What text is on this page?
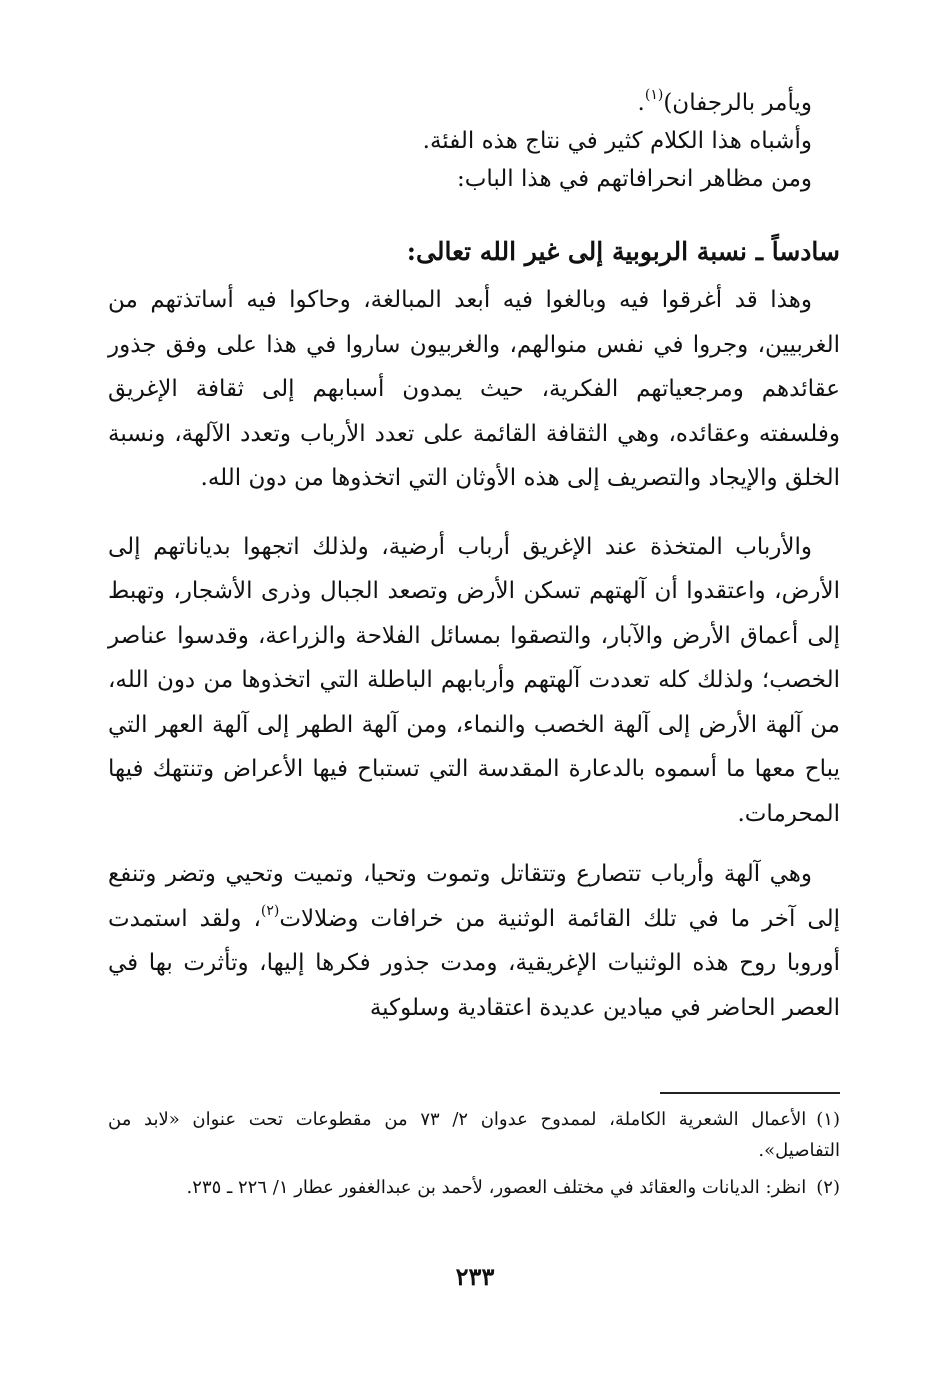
ويأمر بالرجفان)$^{(١)}$.

وأشباه هذا الكلام كثير في نتاج هذه الفئة.

ومن مظاهر انحرافاتهم في هذا الباب:

سادساً ـ نسبة الربوبية إلى غير الله تعالى:

وهذا قد أغرقوا فيه وبالغوا فيه أبعد المبالغة، وحاكوا فيه أساتذتهم من الغربيين، وجروا في نفس منوالهم، والغربيون ساروا في هذا على وفق جذور عقائدهم ومرجعياتهم الفكرية، حيث يمدون أسبابهم إلى ثقافة الإغريق وفلسفته وعقائده، وهي الثقافة القائمة على تعدد الأرباب وتعدد الآلهة، ونسبة الخلق والإيجاد والتصريف إلى هذه الأوثان التي اتخذوها من دون الله.

والأرباب المتخذة عند الإغريق أرباب أرضية، ولذلك اتجهوا بدياناتهم إلى الأرض، واعتقدوا أن آلهتهم تسكن الأرض وتصعد الجبال وذرى الأشجار، وتهبط إلى أعماق الأرض والآبار، والتصقوا بمسائل الفلاحة والزراعة، وقدسوا عناصر الخصب؛ ولذلك كله تعددت آلهتهم وأربابهم الباطلة التي اتخذوها من دون الله، من آلهة الأرض إلى آلهة الخصب والنماء، ومن آلهة الطهر إلى آلهة العهر التي يباح معها ما أسموه بالدعارة المقدسة التي تستباح فيها الأعراض وتنتهك فيها المحرمات.

وهي آلهة وأرباب تتصارع وتتقاتل وتموت وتحيا، وتميت وتحيي وتضر وتنفع إلى آخر ما في تلك القائمة الوثنية من خرافات وضلالات$^{(٢)}$، ولقد استمدت أوروبا روح هذه الوثنيات الإغريقية، ومدت جذور فكرها إليها، وتأثرت بها في العصر الحاضر في ميادين عديدة اعتقادية وسلوكية

(١)الأعمال الشعرية الكاملة، لممدوح عدوان ٢/ ٧٣ من مقطوعات تحت عنوان «لابد من التفاصيل».

(٢)انظر: الديانات والعقائد في مختلف العصور، لأحمد بن عبدالغفور عطار ١/ ٢٢٦ ـ ٢٣٥.

٢٣٣
